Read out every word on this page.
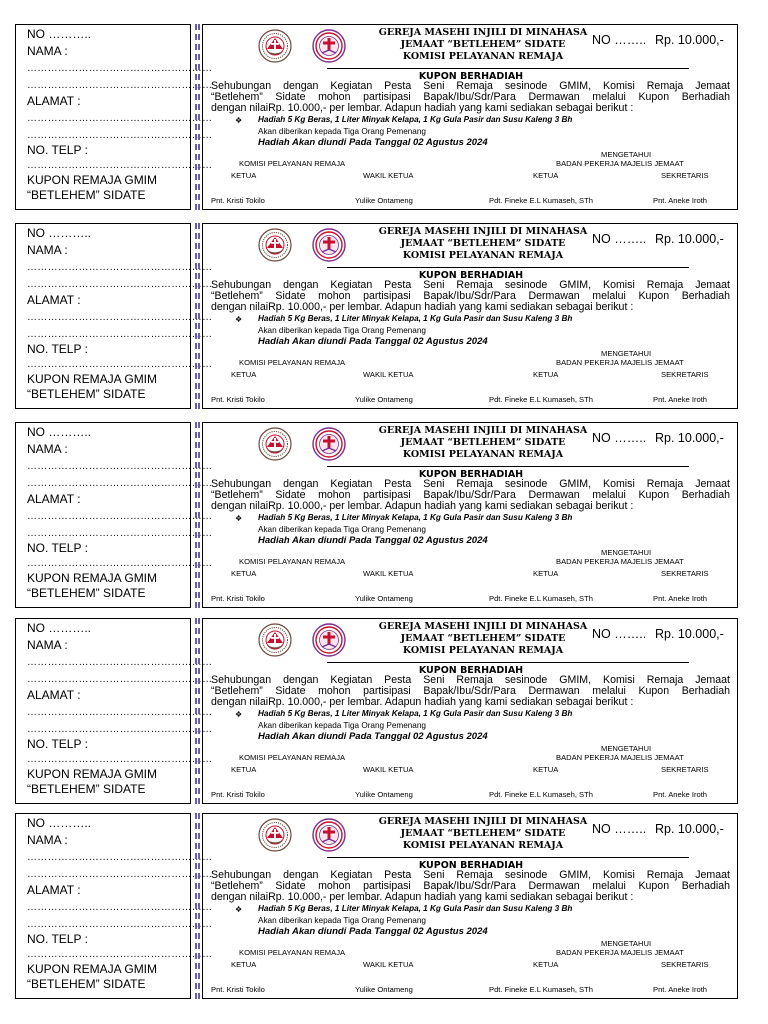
NO ………..
NAMA :
………………………………………………
………………………………………………
ALAMAT :
………………………………………………
………………………………………………
NO. TELP :
………………………………………………
KUPON REMAJA GMIM
“BETLEHEM” SIDATE
GEREJA MASEHI INJILI DI MINAHASA
JEMAAT “BETLEHEM” SIDATE
KOMISI PELAYANAN REMAJA
NO …….. Rp. 10.000,-
KUPON BERHADIAH
Sehubungan dengan Kegiatan Pesta Seni Remaja sesinode GMIM, Komisi Remaja Jemaat
“Betlehem” Sidate mohon partisipasi Bapak/Ibu/Sdr/Para Dermawan melalui Kupon Berhadiah
dengan nilaiRp. 10.000,- per lembar. Adapun hadiah yang kami sediakan sebagai berikut :
❖ Hadiah 5 Kg Beras, 1 Liter Minyak Kelapa, 1 Kg Gula Pasir dan Susu Kaleng 3 Bh
Akan diberikan kepada Tiga Orang Pemenang
Hadiah Akan diundi Pada Tanggal 02 Agustus 2024
MENGETAHUI
KOMISI PELAYANAN REMAJA	BADAN PEKERJA MAJELIS JEMAAT
KETUA	WAKIL KETUA	KETUA	SEKRETARIS
Pnt. Kristi Tokilo	Yulike Ontameng	Pdt. Fineke E.L Kumaseh, STh	Pnt. Aneke Iroth
NO ………..
NAMA :
………………………………………………
………………………………………………
ALAMAT :
………………………………………………
………………………………………………
NO. TELP :
………………………………………………
KUPON REMAJA GMIM
“BETLEHEM” SIDATE
GEREJA MASEHI INJILI DI MINAHASA
JEMAAT “BETLEHEM” SIDATE
KOMISI PELAYANAN REMAJA
NO …….. Rp. 10.000,-
KUPON BERHADIAH
Sehubungan dengan Kegiatan Pesta Seni Remaja sesinode GMIM, Komisi Remaja Jemaat
“Betlehem” Sidate mohon partisipasi Bapak/Ibu/Sdr/Para Dermawan melalui Kupon Berhadiah
dengan nilaiRp. 10.000,- per lembar. Adapun hadiah yang kami sediakan sebagai berikut :
❖ Hadiah 5 Kg Beras, 1 Liter Minyak Kelapa, 1 Kg Gula Pasir dan Susu Kaleng 3 Bh
Akan diberikan kepada Tiga Orang Pemenang
Hadiah Akan diundi Pada Tanggal 02 Agustus 2024
MENGETAHUI
KOMISI PELAYANAN REMAJA	BADAN PEKERJA MAJELIS JEMAAT
KETUA	WAKIL KETUA	KETUA	SEKRETARIS
Pnt. Kristi Tokilo	Yulike Ontameng	Pdt. Fineke E.L Kumaseh, STh	Pnt. Aneke Iroth
NO ………..
NAMA :
………………………………………………
………………………………………………
ALAMAT :
………………………………………………
………………………………………………
NO. TELP :
………………………………………………
KUPON REMAJA GMIM
“BETLEHEM” SIDATE
GEREJA MASEHI INJILI DI MINAHASA
JEMAAT “BETLEHEM” SIDATE
KOMISI PELAYANAN REMAJA
NO …….. Rp. 10.000,-
KUPON BERHADIAH
Sehubungan dengan Kegiatan Pesta Seni Remaja sesinode GMIM, Komisi Remaja Jemaat
“Betlehem” Sidate mohon partisipasi Bapak/Ibu/Sdr/Para Dermawan melalui Kupon Berhadiah
dengan nilaiRp. 10.000,- per lembar. Adapun hadiah yang kami sediakan sebagai berikut :
❖ Hadiah 5 Kg Beras, 1 Liter Minyak Kelapa, 1 Kg Gula Pasir dan Susu Kaleng 3 Bh
Akan diberikan kepada Tiga Orang Pemenang
Hadiah Akan diundi Pada Tanggal 02 Agustus 2024
MENGETAHUI
KOMISI PELAYANAN REMAJA	BADAN PEKERJA MAJELIS JEMAAT
KETUA	WAKIL KETUA	KETUA	SEKRETARIS
Pnt. Kristi Tokilo	Yulike Ontameng	Pdt. Fineke E.L Kumaseh, STh	Pnt. Aneke Iroth
NO ………..
NAMA :
………………………………………………
………………………………………………
ALAMAT :
………………………………………………
………………………………………………
NO. TELP :
………………………………………………
KUPON REMAJA GMIM
“BETLEHEM” SIDATE
GEREJA MASEHI INJILI DI MINAHASA
JEMAAT “BETLEHEM” SIDATE
KOMISI PELAYANAN REMAJA
NO …….. Rp. 10.000,-
KUPON BERHADIAH
Sehubungan dengan Kegiatan Pesta Seni Remaja sesinode GMIM, Komisi Remaja Jemaat
“Betlehem” Sidate mohon partisipasi Bapak/Ibu/Sdr/Para Dermawan melalui Kupon Berhadiah
dengan nilaiRp. 10.000,- per lembar. Adapun hadiah yang kami sediakan sebagai berikut :
❖ Hadiah 5 Kg Beras, 1 Liter Minyak Kelapa, 1 Kg Gula Pasir dan Susu Kaleng 3 Bh
Akan diberikan kepada Tiga Orang Pemenang
Hadiah Akan diundi Pada Tanggal 02 Agustus 2024
MENGETAHUI
KOMISI PELAYANAN REMAJA	BADAN PEKERJA MAJELIS JEMAAT
KETUA	WAKIL KETUA	KETUA	SEKRETARIS
Pnt. Kristi Tokilo	Yulike Ontameng	Pdt. Fineke E.L Kumaseh, STh	Pnt. Aneke Iroth
NO ………..
NAMA :
………………………………………………
………………………………………………
ALAMAT :
………………………………………………
………………………………………………
NO. TELP :
………………………………………………
KUPON REMAJA GMIM
“BETLEHEM” SIDATE
GEREJA MASEHI INJILI DI MINAHASA
JEMAAT “BETLEHEM” SIDATE
KOMISI PELAYANAN REMAJA
NO …….. Rp. 10.000,-
KUPON BERHADIAH
Sehubungan dengan Kegiatan Pesta Seni Remaja sesinode GMIM, Komisi Remaja Jemaat
“Betlehem” Sidate mohon partisipasi Bapak/Ibu/Sdr/Para Dermawan melalui Kupon Berhadiah
dengan nilaiRp. 10.000,- per lembar. Adapun hadiah yang kami sediakan sebagai berikut :
❖ Hadiah 5 Kg Beras, 1 Liter Minyak Kelapa, 1 Kg Gula Pasir dan Susu Kaleng 3 Bh
Akan diberikan kepada Tiga Orang Pemenang
Hadiah Akan diundi Pada Tanggal 02 Agustus 2024
MENGETAHUI
KOMISI PELAYANAN REMAJA	BADAN PEKERJA MAJELIS JEMAAT
KETUA	WAKIL KETUA	KETUA	SEKRETARIS
Pnt. Kristi Tokilo	Yulike Ontameng	Pdt. Fineke E.L Kumaseh, STh	Pnt. Aneke Iroth
